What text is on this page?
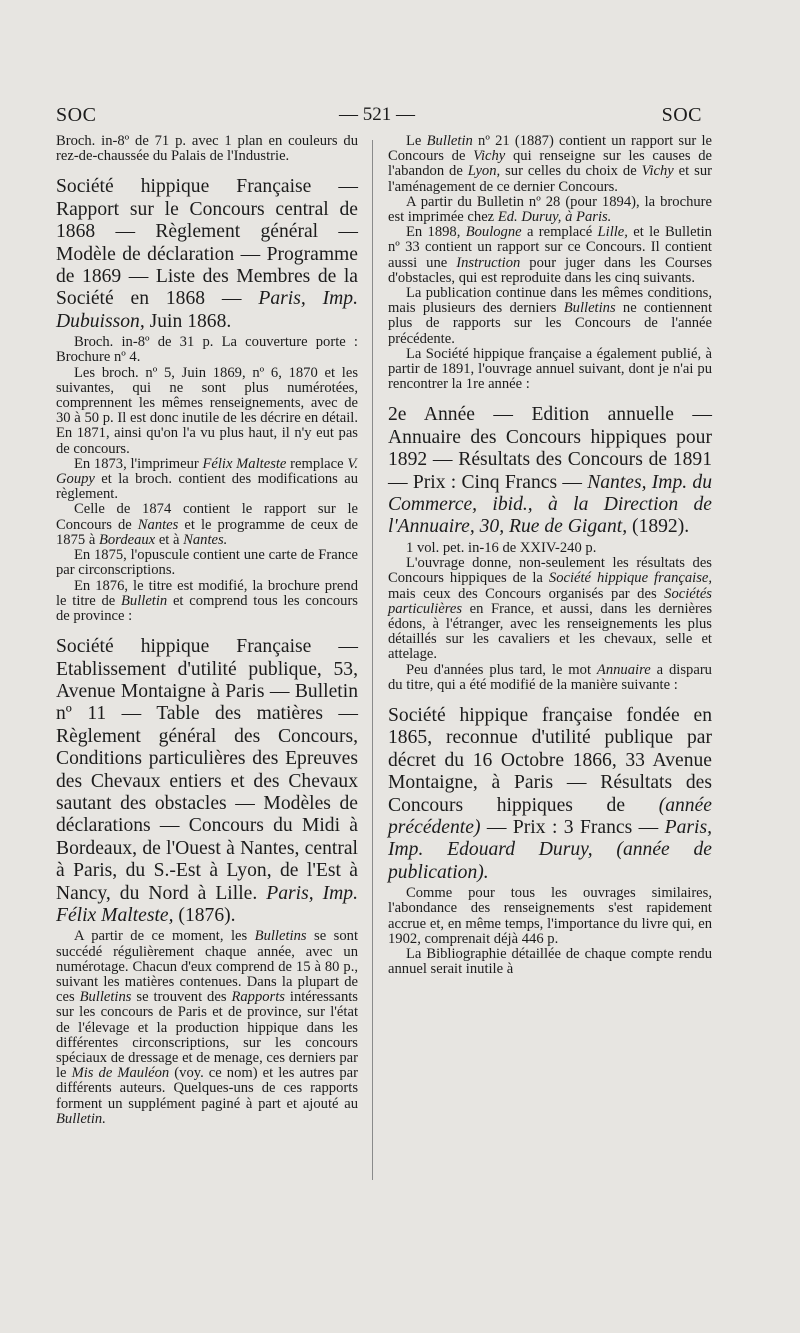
SOC	— 521 —	SOC

Broch. in-8º de 71 p. avec 1 plan en couleurs du rez-de-chaussée du Palais de l'Industrie.

Société hippique Française — Rapport sur le Concours central de 1868 — Règlement général — Modèle de déclaration — Programme de 1869 — Liste des Membres de la Société en 1868 — Paris, Imp. Dubuisson, Juin 1868.

Broch. in-8º de 31 p. La couverture porte : Brochure nº 4.

Les broch. nº 5, Juin 1869, nº 6, 1870 et les suivantes, qui ne sont plus numérotées, comprennent les mêmes renseignements, avec de 30 à 50 p. Il est donc inutile de les décrire en détail. En 1871, ainsi qu'on l'a vu plus haut, il n'y eut pas de concours.

En 1873, l'imprimeur Félix Malteste remplace V. Goupy et la broch. contient des modifications au règlement.

Celle de 1874 contient le rapport sur le Concours de Nantes et le programme de ceux de 1875 à Bordeaux et à Nantes.

En 1875, l'opuscule contient une carte de France par circonscriptions.

En 1876, le titre est modifié, la brochure prend le titre de Bulletin et comprend tous les concours de province :

Société hippique Française — Etablissement d'utilité publique, 53, Avenue Montaigne à Paris — Bulletin nº 11 — Table des matières — Règlement général des Concours, Conditions particulières des Epreuves des Chevaux entiers et des Chevaux sautant des obstacles — Modèles de déclarations — Concours du Midi à Bordeaux, de l'Ouest à Nantes, central à Paris, du S.-Est à Lyon, de l'Est à Nancy, du Nord à Lille. Paris, Imp. Félix Malteste, (1876).

A partir de ce moment, les Bulletins se sont succédé régulièrement chaque année, avec un numérotage. Chacun d'eux comprend de 15 à 80 p., suivant les matières contenues. Dans la plupart de ces Bulletins se trouvent des Rapports intéressants sur les concours de Paris et de province, sur l'état de l'élevage et la production hippique dans les différentes circonscriptions, sur les concours spéciaux de dressage et de menage, ces derniers par le Mis de Mauléon (voy. ce nom) et les autres par différents auteurs. Quelques-uns de ces rapports forment un supplément paginé à part et ajouté au Bulletin.

Le Bulletin nº 21 (1887) contient un rapport sur le Concours de Vichy qui renseigne sur les causes de l'abandon de Lyon, sur celles du choix de Vichy et sur l'aménagement de ce dernier Concours.

A partir du Bulletin nº 28 (pour 1894), la brochure est imprimée chez Ed. Duruy, à Paris.

En 1898, Boulogne a remplacé Lille, et le Bulletin nº 33 contient un rapport sur ce Concours. Il contient aussi une Instruction pour juger dans les Courses d'obstacles, qui est reproduite dans les cinq suivants.

La publication continue dans les mêmes conditions, mais plusieurs des derniers Bulletins ne contiennent plus de rapports sur les Concours de l'année précédente.

La Société hippique française a également publié, à partir de 1891, l'ouvrage annuel suivant, dont je n'ai pu rencontrer la 1re année :

2e Année — Edition annuelle — Annuaire des Concours hippiques pour 1892 — Résultats des Concours de 1891 — Prix : Cinq Francs — Nantes, Imp. du Commerce, ibid., à la Direction de l'Annuaire, 30, Rue de Gigant, (1892).

1 vol. pet. in-16 de XXIV-240 p.

L'ouvrage donne, non-seulement les résultats des Concours hippiques de la Société hippique française, mais ceux des Concours organisés par des Sociétés particulières en France, et aussi, dans les dernières édons, à l'étranger, avec les renseignements les plus détaillés sur les cavaliers et les chevaux, selle et attelage.

Peu d'années plus tard, le mot Annuaire a disparu du titre, qui a été modifié de la manière suivante :

Société hippique française fondée en 1865, reconnue d'utilité publique par décret du 16 Octobre 1866, 33 Avenue Montaigne, à Paris — Résultats des Concours hippiques de (année précédente) — Prix : 3 Francs — Paris, Imp. Edouard Duruy, (année de publication).

Comme pour tous les ouvrages similaires, l'abondance des renseignements s'est rapidement accrue et, en même temps, l'importance du livre qui, en 1902, comprenait déjà 446 p.

La Bibliographie détaillée de chaque compte rendu annuel serait inutile à
